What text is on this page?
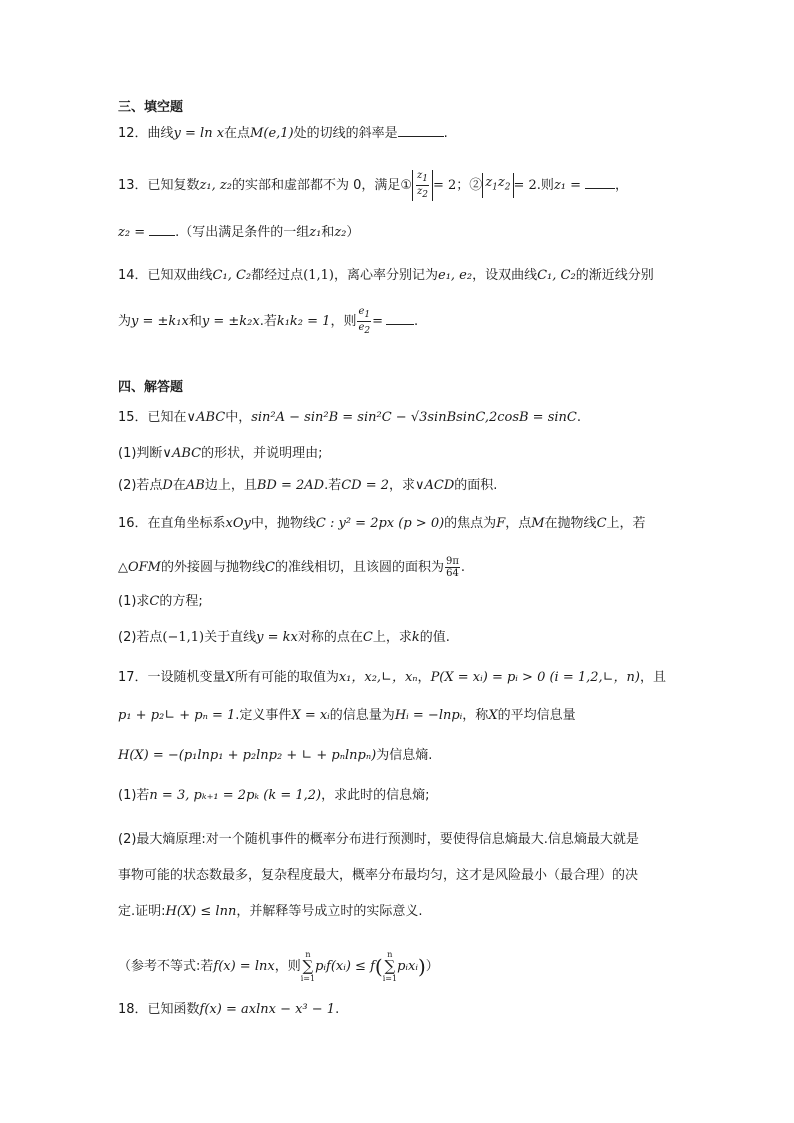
三、填空题
12．曲线y = ln x在点M(e,1)处的切线的斜率是	.
13．已知复数z₁, z₂的实部和虚部都不为 0，满足① $\frac{z_1}{z_2} = 2$；② $z_1z_2 = 2$.则z₁ =	，
z₂ = .（写出满足条件的一组z₁和z₂）
14．已知双曲线C₁, C₂都经过点(1,1)，离心率分别记为e₁, e₂，设双曲线C₁, C₂的渐近线分别
为y = ±k₁x和y = ±k₂x.若k₁k₂ = 1，则 $\frac{e_1}{e_2}$ = .
四、解答题
15．已知在∨ABC中，sin²A − sin²B = sin²C − √3sinBsinC,2cosB = sinC.
(1)判断∨ABC的形状，并说明理由;
(2)若点D在AB边上，且BD = 2AD.若CD = 2，求∨ACD的面积.
16．在直角坐标系xOy中，抛物线C : y² = 2px (p > 0)的焦点为F，点M在抛物线C上，若
△OFM的外接圆与抛物线C的准线相切，且该圆的面积为 $\frac{9\pi}{64}$ .
(1)求C的方程;
(2)若点(−1,1)关于直线y = kx对称的点在C上，求k的值.
17．一设随机变量X所有可能的取值为x₁，x₂,∟，xₙ，P(X = xᵢ) = pᵢ > 0 (i = 1,2,∟，n)，且
p₁ + p₂∟ + pₙ = 1.定义事件X = xᵢ的信息量为Hᵢ = −lnpᵢ，称X的平均信息量
H(X) = −(p₁lnp₁ + p₂lnp₂ + ∟ + pₙlnpₙ)为信息熵.
(1)若n = 3, pₖ₊₁ = 2pₖ (k = 1,2)，求此时的信息熵;
(2)最大熵原理:对一个随机事件的概率分布进行预测时，要使得信息熵最大.信息熵最大就是
事物可能的状态数最多，复杂程度最大，概率分布最均匀，这才是风险最小（最合理）的决
定.证明:H(X) ≤ lnn，并解释等号成立时的实际意义.
（参考不等式:若f(x) = lnx，则n
∑
i=1pᵢf(xᵢ) ≤ f( n
∑
i=1pᵢxᵢ)）
18．已知函数f(x) = axlnx − x³ − 1.
